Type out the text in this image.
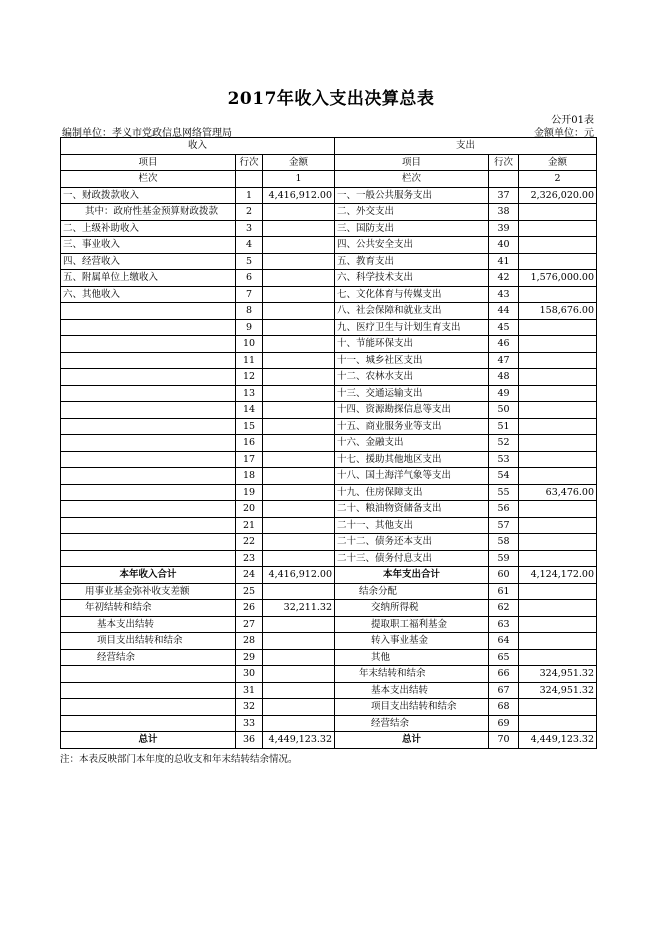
2017年收入支出决算总表
公开01表
编制单位：孝义市党政信息网络管理局	金额单位：元
收入			支出		
项目	行次	金额	项目	行次	金额
栏次		1	栏次		2
一、财政拨款收入	1	4,416,912.00	一、一般公共服务支出	37	2,326,020.00
其中：政府性基金预算财政拨款	2		二、外交支出	38	
二、上级补助收入	3		三、国防支出	39	
三、事业收入	4		四、公共安全支出	40	
四、经营收入	5		五、教育支出	41	
五、附属单位上缴收入	6		六、科学技术支出	42	1,576,000.00
六、其他收入	7		七、文化体育与传媒支出	43	
	8		八、社会保障和就业支出	44	158,676.00
	9		九、医疗卫生与计划生育支出	45	
	10		十、节能环保支出	46	
	11		十一、城乡社区支出	47	
	12		十二、农林水支出	48	
	13		十三、交通运输支出	49	
	14		十四、资源勘探信息等支出	50	
	15		十五、商业服务业等支出	51	
	16		十六、金融支出	52	
	17		十七、援助其他地区支出	53	
	18		十八、国土海洋气象等支出	54	
	19		十九、住房保障支出	55	63,476.00
	20		二十、粮油物资储备支出	56	
	21		二十一、其他支出	57	
	22		二十二、债务还本支出	58	
	23		二十三、债务付息支出	59	
本年收入合计	24	4,416,912.00	本年支出合计	60	4,124,172.00
用事业基金弥补收支差额	25		结余分配	61	
年初结转和结余	26	32,211.32	交纳所得税	62	
基本支出结转	27		提取职工福利基金	63	
项目支出结转和结余	28		转入事业基金	64	
经营结余	29		其他	65	
	30		年末结转和结余	66	324,951.32
	31		基本支出结转	67	324,951.32
	32		项目支出结转和结余	68	
	33		经营结余	69	
总计	36	4,449,123.32	总计	70	4,449,123.32
注：本表反映部门本年度的总收支和年末结转结余情况。
